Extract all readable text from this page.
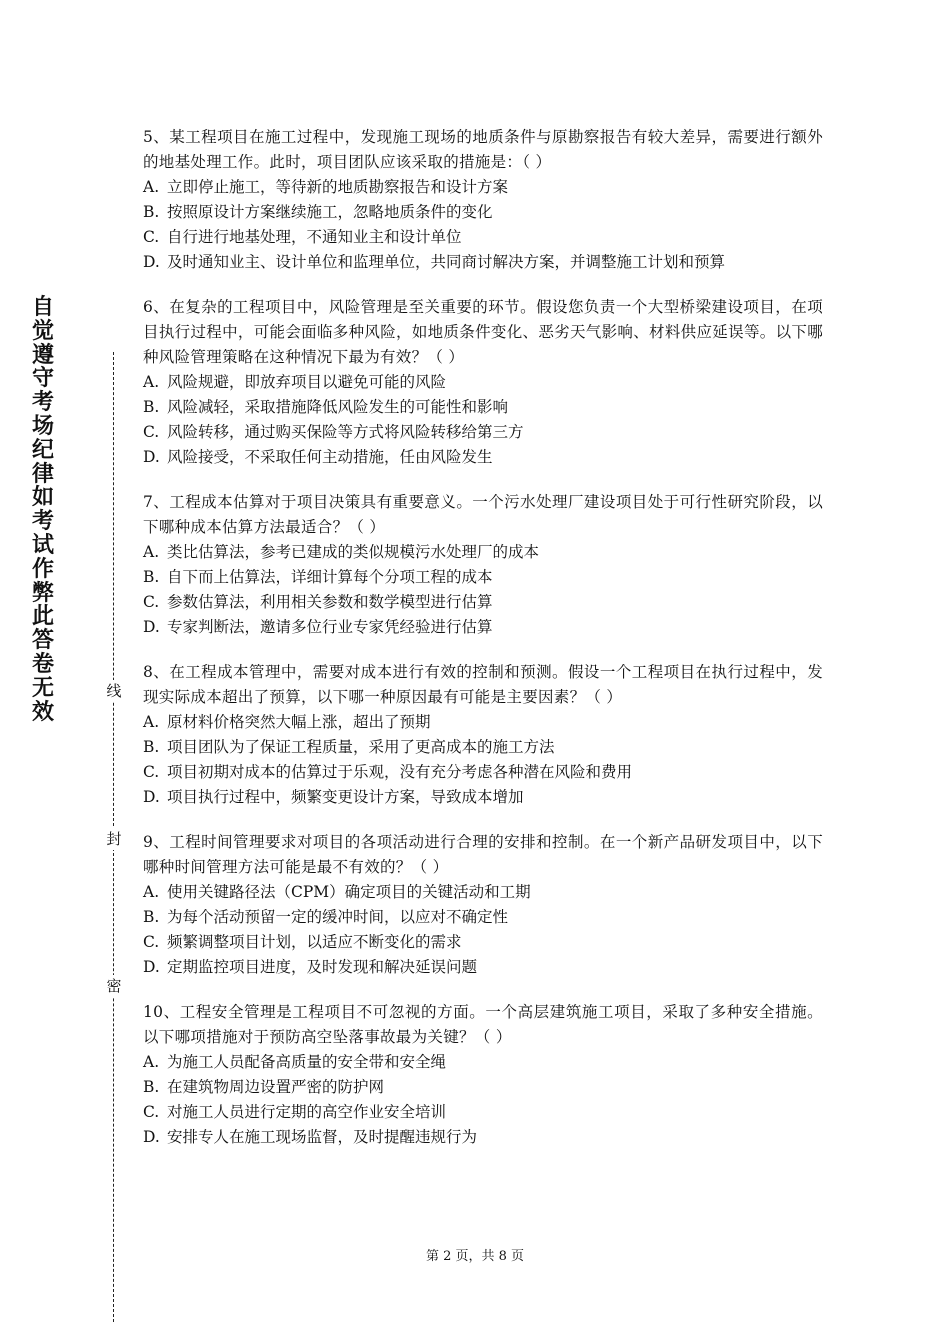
自觉遵守考场纪律如考试作弊此答卷无效
线
封
密

5、某工程项目在施工过程中，发现施工现场的地质条件与原勘察报告有较大差异，需要进行额外的地基处理工作。此时，项目团队应该采取的措施是：（ ）

A. 立即停止施工，等待新的地质勘察报告和设计方案

B. 按照原设计方案继续施工，忽略地质条件的变化

C. 自行进行地基处理，不通知业主和设计单位

D. 及时通知业主、设计单位和监理单位，共同商讨解决方案，并调整施工计划和预算

6、在复杂的工程项目中，风险管理是至关重要的环节。假设您负责一个大型桥梁建设项目，在项目执行过程中，可能会面临多种风险，如地质条件变化、恶劣天气影响、材料供应延误等。以下哪种风险管理策略在这种情况下最为有效？（ ）

A. 风险规避，即放弃项目以避免可能的风险

B. 风险减轻，采取措施降低风险发生的可能性和影响

C. 风险转移，通过购买保险等方式将风险转移给第三方

D. 风险接受，不采取任何主动措施，任由风险发生

7、工程成本估算对于项目决策具有重要意义。一个污水处理厂建设项目处于可行性研究阶段，以下哪种成本估算方法最适合？（ ）

A. 类比估算法，参考已建成的类似规模污水处理厂的成本

B. 自下而上估算法，详细计算每个分项工程的成本

C. 参数估算法，利用相关参数和数学模型进行估算

D. 专家判断法，邀请多位行业专家凭经验进行估算

8、在工程成本管理中，需要对成本进行有效的控制和预测。假设一个工程项目在执行过程中，发现实际成本超出了预算，以下哪一种原因最有可能是主要因素？（ ）

A. 原材料价格突然大幅上涨，超出了预期

B. 项目团队为了保证工程质量，采用了更高成本的施工方法

C. 项目初期对成本的估算过于乐观，没有充分考虑各种潜在风险和费用

D. 项目执行过程中，频繁变更设计方案，导致成本增加

9、工程时间管理要求对项目的各项活动进行合理的安排和控制。在一个新产品研发项目中，以下哪种时间管理方法可能是最不有效的？（ ）

A. 使用关键路径法（CPM）确定项目的关键活动和工期

B. 为每个活动预留一定的缓冲时间，以应对不确定性

C. 频繁调整项目计划，以适应不断变化的需求

D. 定期监控项目进度，及时发现和解决延误问题

10、工程安全管理是工程项目不可忽视的方面。一个高层建筑施工项目，采取了多种安全措施。以下哪项措施对于预防高空坠落事故最为关键？（ ）

A. 为施工人员配备高质量的安全带和安全绳

B. 在建筑物周边设置严密的防护网

C. 对施工人员进行定期的高空作业安全培训

D. 安排专人在施工现场监督，及时提醒违规行为

第 2 页，共 8 页
